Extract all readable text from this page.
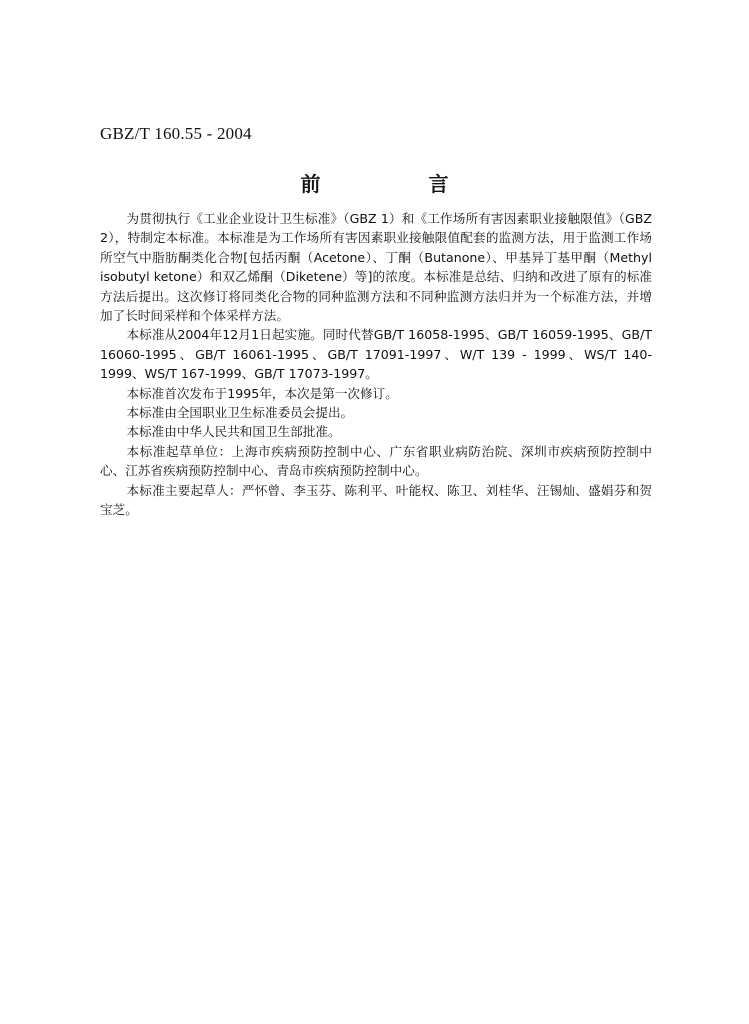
GBZ/T 160.55 - 2004
前　言

为贯彻执行《工业企业设计卫生标准》（GBZ 1）和《工作场所有害因素职业接触限值》（GBZ 2），特制定本标准。本标准是为工作场所有害因素职业接触限值配套的监测方法，用于监测工作场所空气中脂肪酮类化合物[包括丙酮（Acetone）、丁酮（Butanone）、甲基异丁基甲酮（Methyl isobutyl ketone）和双乙烯酮（Diketene）等]的浓度。本标准是总结、归纳和改进了原有的标准方法后提出。这次修订将同类化合物的同种监测方法和不同种监测方法归并为一个标准方法，并增加了长时间采样和个体采样方法。

本标准从2004年12月1日起实施。同时代替GB/T 16058-1995、GB/T 16059-1995、GB/T 16060-1995、GB/T 16061-1995、GB/T 17091-1997、W/T 139 - 1999、WS/T 140-1999、WS/T 167-1999、GB/T 17073-1997。

本标准首次发布于1995年，本次是第一次修订。

本标准由全国职业卫生标准委员会提出。

本标准由中华人民共和国卫生部批准。

本标准起草单位：上海市疾病预防控制中心、广东省职业病防治院、深圳市疾病预防控制中心、江苏省疾病预防控制中心、青岛市疾病预防控制中心。

本标准主要起草人：严怀曾、李玉芬、陈利平、叶能权、陈卫、刘桂华、汪锡灿、盛娟芬和贺宝芝。
